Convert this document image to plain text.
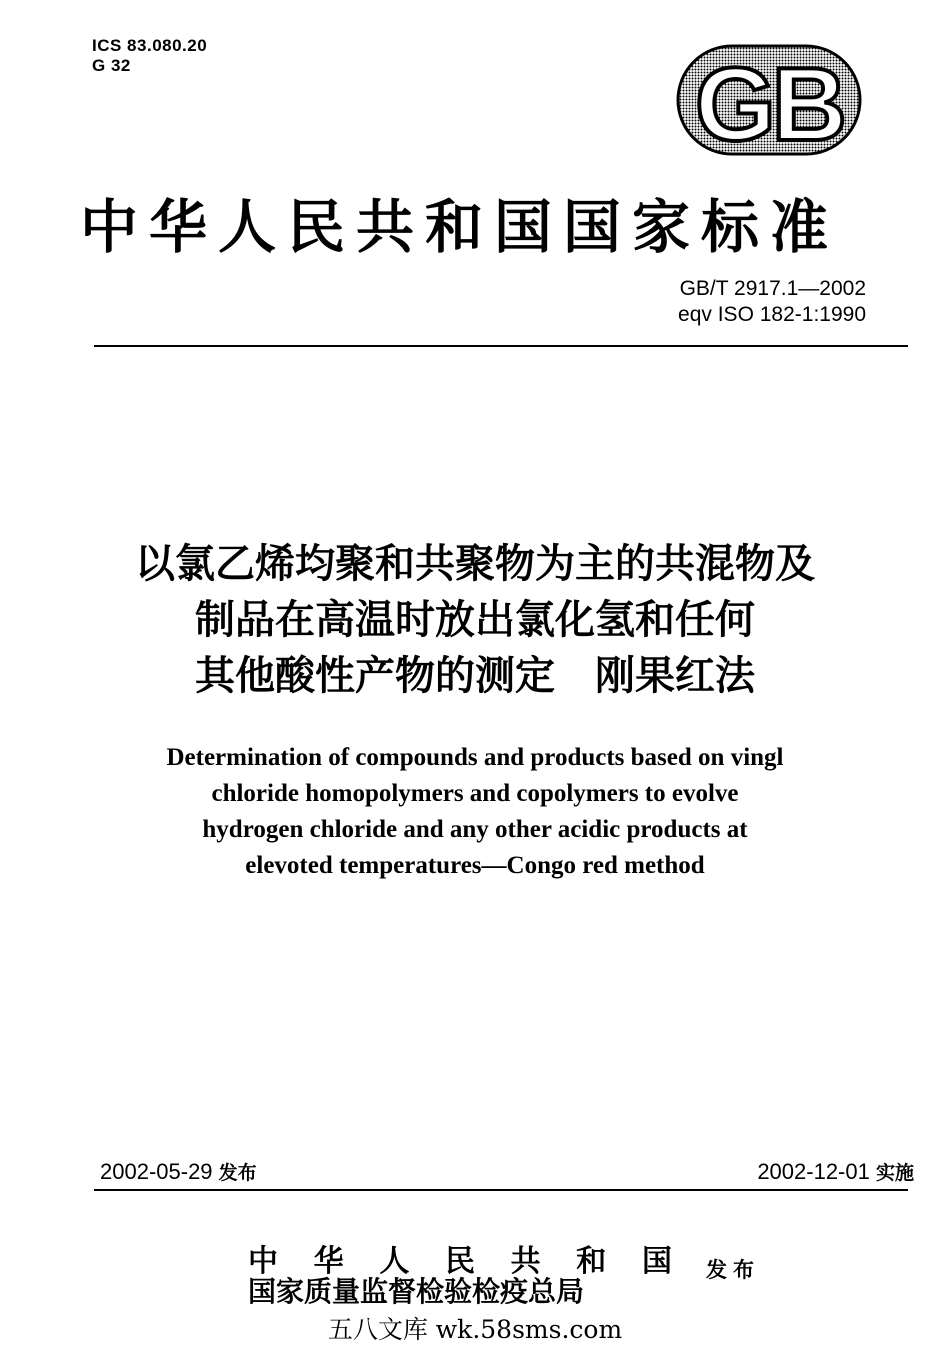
ICS 83.080.20
G 32	GB
中华人民共和国国家标准
GB/T 2917.1—2002
eqv ISO 182-1:1990
以氯乙烯均聚和共聚物为主的共混物及
制品在高温时放出氯化氢和任何
其他酸性产物的测定　刚果红法
Determination of compounds and products based on vingl
chloride homopolymers and copolymers to evolve
hydrogen chloride and any other acidic products at
elevoted temperatures—Congo red method
2002-05-29 发布	2002-12-01 实施
中 华 人 民 共 和 国
国家质量监督检验检疫总局
发布
五八文库 wk.58sms.com
